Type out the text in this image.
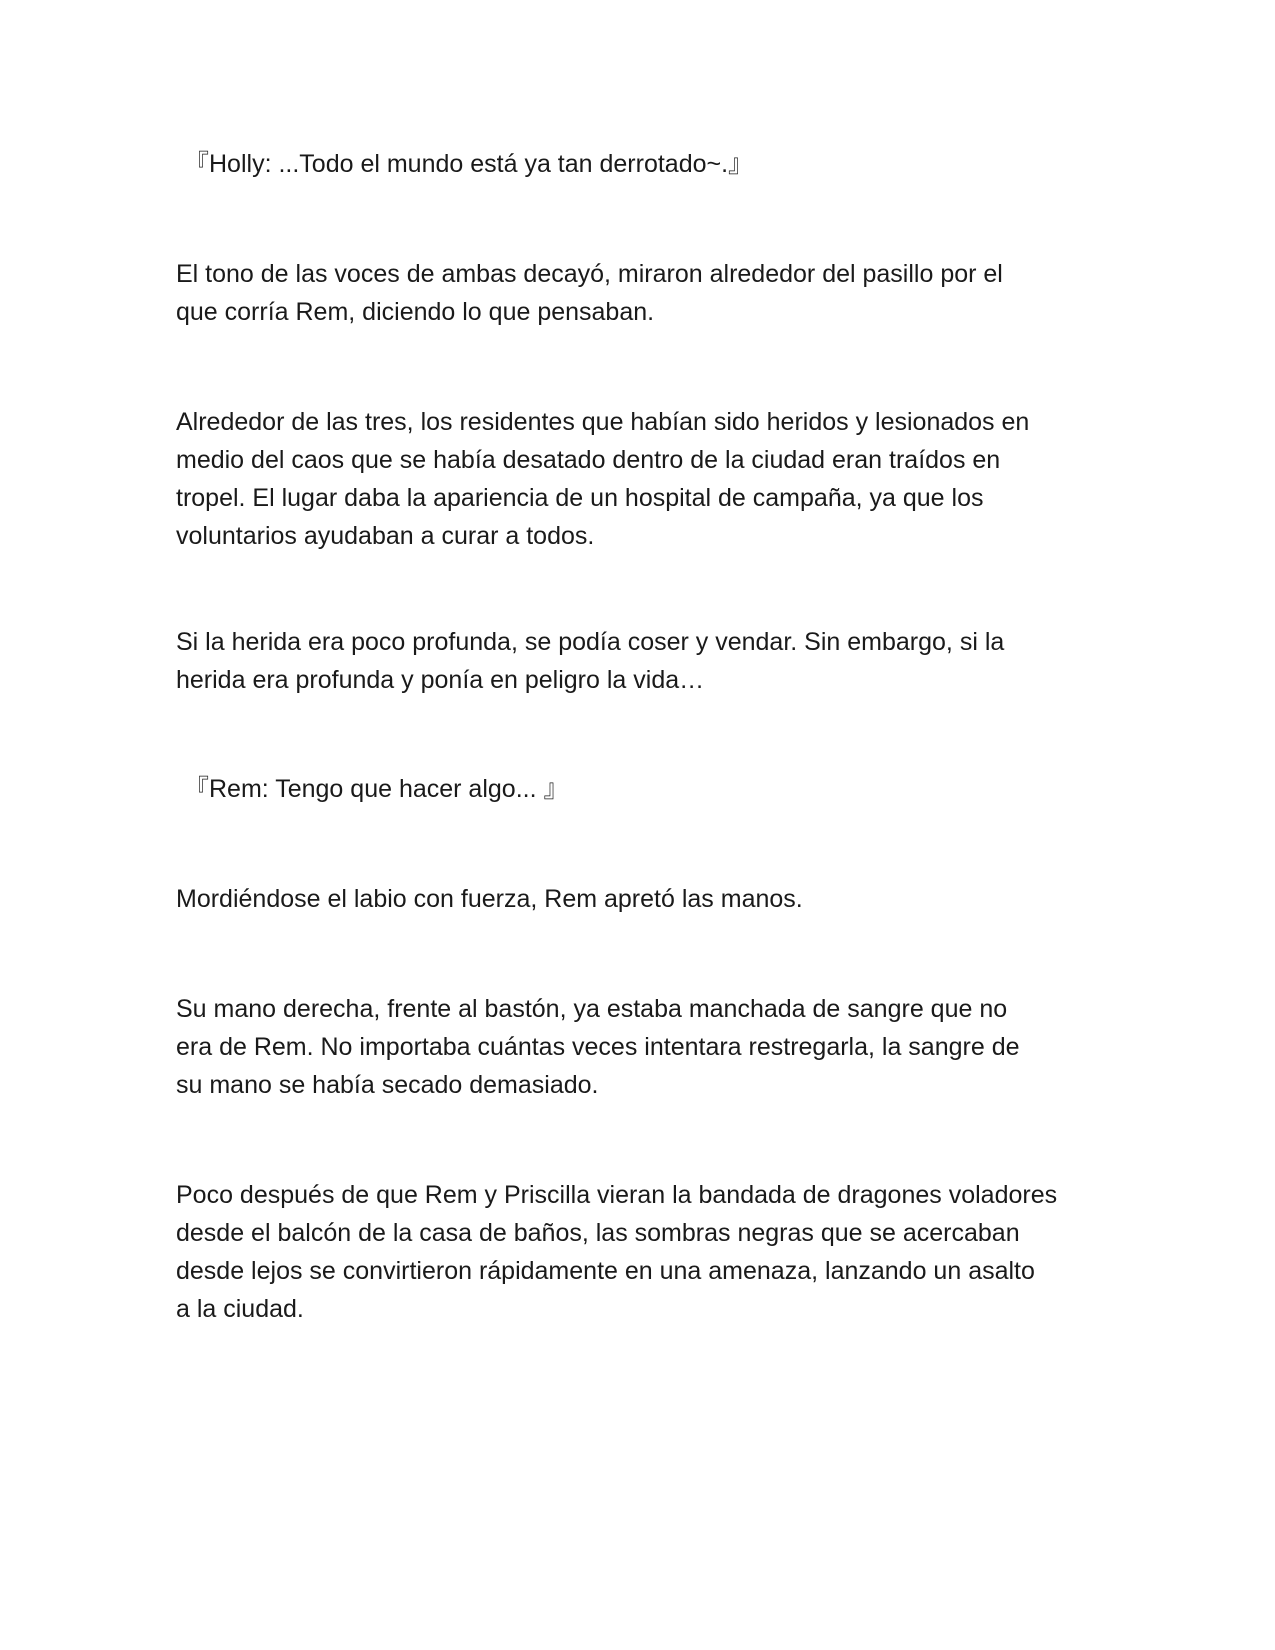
『Holly: ...Todo el mundo está ya tan derrotado~.』

El tono de las voces de ambas decayó, miraron alrededor del pasillo por el
que corría Rem, diciendo lo que pensaban.

Alrededor de las tres, los residentes que habían sido heridos y lesionados en
medio del caos que se había desatado dentro de la ciudad eran traídos en
tropel. El lugar daba la apariencia de un hospital de campaña, ya que los
voluntarios ayudaban a curar a todos.

Si la herida era poco profunda, se podía coser y vendar. Sin embargo, si la
herida era profunda y ponía en peligro la vida…

『Rem: Tengo que hacer algo... 』

Mordiéndose el labio con fuerza, Rem apretó las manos.

Su mano derecha, frente al bastón, ya estaba manchada de sangre que no
era de Rem. No importaba cuántas veces intentara restregarla, la sangre de
su mano se había secado demasiado.

Poco después de que Rem y Priscilla vieran la bandada de dragones voladores
desde el balcón de la casa de baños, las sombras negras que se acercaban
desde lejos se convirtieron rápidamente en una amenaza, lanzando un asalto
a la ciudad.
